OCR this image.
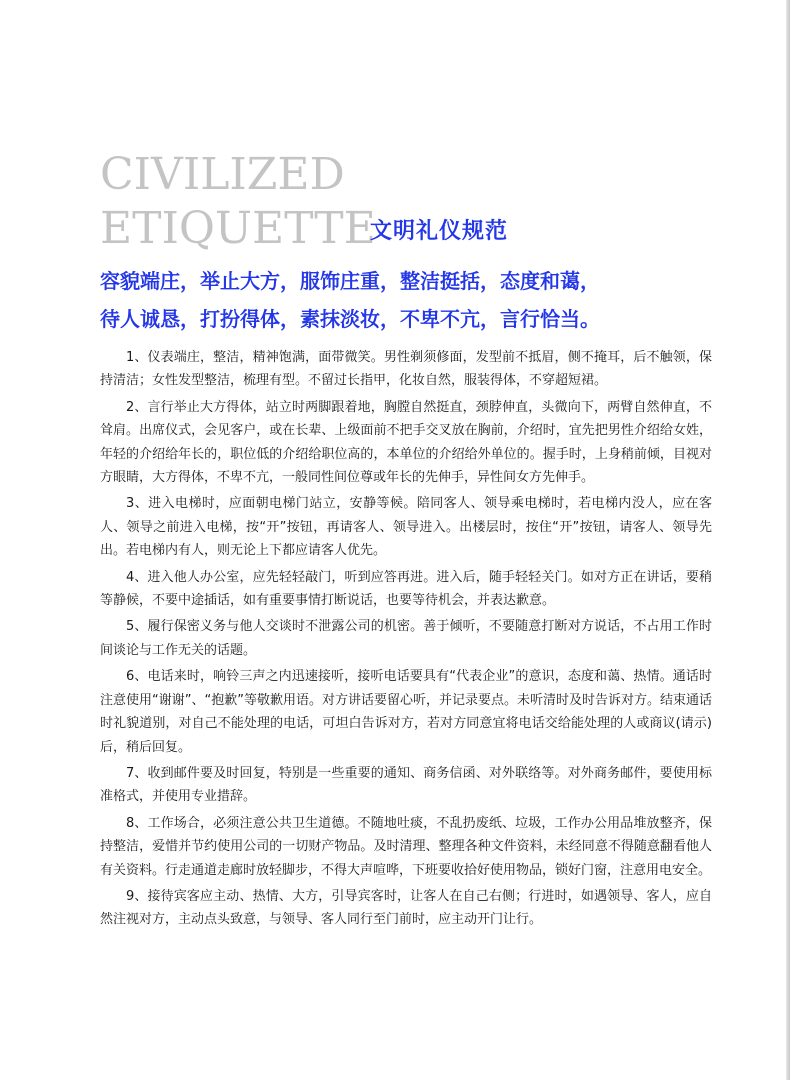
CIVILIZED
ETIQUETTE
文明礼仪规范
容貌端庄，举止大方，服饰庄重，整洁挺括，态度和蔼，
待人诚恳，打扮得体，素抹淡妆，不卑不亢，言行恰当。

1、仪表端庄，整洁，精神饱满，面带微笑。男性剃须修面，发型前不抵眉，侧不掩耳，后不触领，保持清洁；女性发型整洁，梳理有型。不留过长指甲，化妆自然，服装得体，不穿超短裙。

2、言行举止大方得体，站立时两脚跟着地，胸膛自然挺直，颈脖伸直，头微向下，两臂自然伸直，不耸肩。出席仪式，会见客户，或在长辈、上级面前不把手交叉放在胸前，介绍时，宜先把男性介绍给女姓，年轻的介绍给年长的，职位低的介绍给职位高的，本单位的介绍给外单位的。握手时，上身稍前倾，目视对方眼睛，大方得体，不卑不亢，一般同性间位尊或年长的先伸手，异性间女方先伸手。

3、进入电梯时，应面朝电梯门站立，安静等候。陪同客人、领导乘电梯时，若电梯内没人，应在客人、领导之前进入电梯，按“开”按钮，再请客人、领导进入。出楼层时，按住“开”按钮，请客人、领导先出。若电梯内有人，则无论上下都应请客人优先。

4、进入他人办公室，应先轻轻敲门，听到应答再进。进入后，随手轻轻关门。如对方正在讲话，要稍等静候，不要中途插话，如有重要事情打断说话，也要等待机会，并表达歉意。

5、履行保密义务与他人交谈时不泄露公司的机密。善于倾听，不要随意打断对方说话，不占用工作时间谈论与工作无关的话题。

6、电话来时，响铃三声之内迅速接听，接听电话要具有“代表企业”的意识，态度和蔼、热情。通话时注意使用“谢谢”、“抱歉”等敬歉用语。对方讲话要留心听，并记录要点。未听清时及时告诉对方。结束通话时礼貌道别，对自己不能处理的电话，可坦白告诉对方，若对方同意宜将电话交给能处理的人或商议(请示)后，稍后回复。

7、收到邮件要及时回复，特别是一些重要的通知、商务信函、对外联络等。对外商务邮件，要使用标准格式，并使用专业措辞。

8、工作场合，必须注意公共卫生道德。不随地吐痰，不乱扔废纸、垃圾，工作办公用品堆放整齐，保持整洁，爱惜并节约使用公司的一切财产物品。及时清理、整理各种文件资料，未经同意不得随意翻看他人有关资料。行走通道走廊时放轻脚步，不得大声喧哗，下班要收拾好使用物品，锁好门窗，注意用电安全。

9、接待宾客应主动、热情、大方，引导宾客时，让客人在自己右侧；行进时，如遇领导、客人，应自然注视对方，主动点头致意，与领导、客人同行至门前时，应主动开门让行。
